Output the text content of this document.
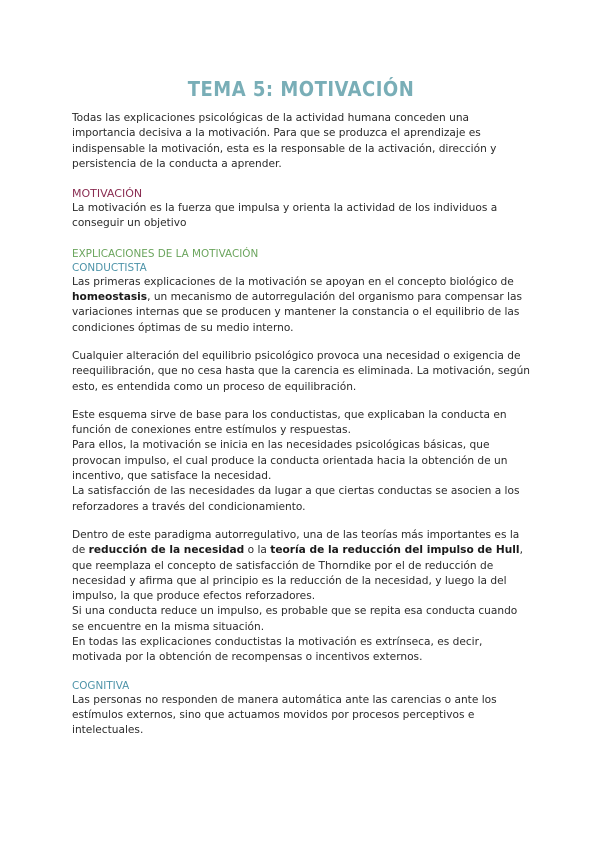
TEMA 5: MOTIVACIÓN

Todas las explicaciones psicológicas de la actividad humana conceden una importancia decisiva a la motivación. Para que se produzca el aprendizaje es indispensable la motivación, esta es la responsable de la activación, dirección y persistencia de la conducta a aprender.

MOTIVACIÓN

La motivación es la fuerza que impulsa y orienta la actividad de los individuos a conseguir un objetivo

EXPLICACIONES DE LA MOTIVACIÓN

CONDUCTISTA

Las primeras explicaciones de la motivación se apoyan en el concepto biológico de homeostasis, un mecanismo de autorregulación del organismo para compensar las variaciones internas que se producen y mantener la constancia o el equilibrio de las condiciones óptimas de su medio interno.

Cualquier alteración del equilibrio psicológico provoca una necesidad o exigencia de reequilibración, que no cesa hasta que la carencia es eliminada. La motivación, según esto, es entendida como un proceso de equilibración.

Este esquema sirve de base para los conductistas, que explicaban la conducta en función de conexiones entre estímulos y respuestas.

Para ellos, la motivación se inicia en las necesidades psicológicas básicas, que provocan impulso, el cual produce la conducta orientada hacia la obtención de un incentivo, que satisface la necesidad.

La satisfacción de las necesidades da lugar a que ciertas conductas se asocien a los reforzadores a través del condicionamiento.

Dentro de este paradigma autorregulativo, una de las teorías más importantes es la de reducción de la necesidad o la teoría de la reducción del impulso de Hull, que reemplaza el concepto de satisfacción de Thorndike por el de reducción de necesidad y afirma que al principio es la reducción de la necesidad, y luego la del impulso, la que produce efectos reforzadores.

Si una conducta reduce un impulso, es probable que se repita esa conducta cuando se encuentre en la misma situación.

En todas las explicaciones conductistas la motivación es extrínseca, es decir, motivada por la obtención de recompensas o incentivos externos.

COGNITIVA

Las personas no responden de manera automática ante las carencias o ante los estímulos externos, sino que actuamos movidos por procesos perceptivos e intelectuales.
